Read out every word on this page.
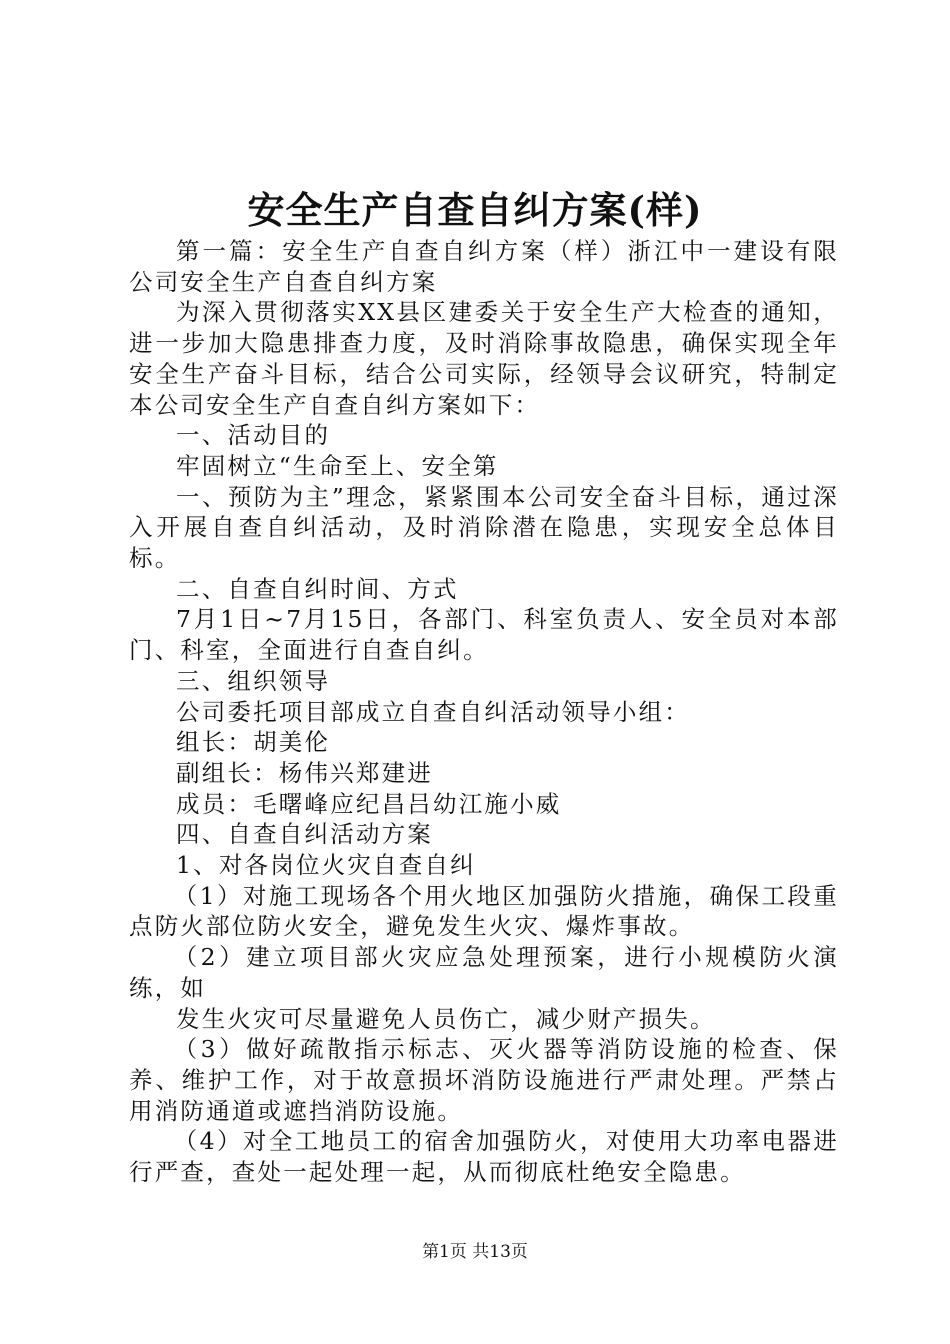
安全生产自查自纠方案(样)

第一篇：安全生产自查自纠方案（样）浙江中一建设有限公司安全生产自查自纠方案

为深入贯彻落实XX县区建委关于安全生产大检查的通知，进一步加大隐患排查力度，及时消除事故隐患，确保实现全年安全生产奋斗目标，结合公司实际，经领导会议研究，特制定本公司安全生产自查自纠方案如下：

一、活动目的

牢固树立“生命至上、安全第

一、预防为主”理念，紧紧围本公司安全奋斗目标，通过深入开展自查自纠活动，及时消除潜在隐患，实现安全总体目标。

二、自查自纠时间、方式

7月1日~7月15日，各部门、科室负责人、安全员对本部门、科室，全面进行自查自纠。

三、组织领导

公司委托项目部成立自查自纠活动领导小组：

组长：胡美伦

副组长：杨伟兴郑建进

成员：毛曙峰应纪昌吕幼江施小威

四、自查自纠活动方案

1、对各岗位火灾自查自纠

（1）对施工现场各个用火地区加强防火措施，确保工段重点防火部位防火安全，避免发生火灾、爆炸事故。

（2）建立项目部火灾应急处理预案，进行小规模防火演练，如

发生火灾可尽量避免人员伤亡，减少财产损失。

（3）做好疏散指示标志、灭火器等消防设施的检查、保养、维护工作，对于故意损坏消防设施进行严肃处理。严禁占用消防通道或遮挡消防设施。

（4）对全工地员工的宿舍加强防火，对使用大功率电器进行严查，查处一起处理一起，从而彻底杜绝安全隐患。

第1页 共13页
